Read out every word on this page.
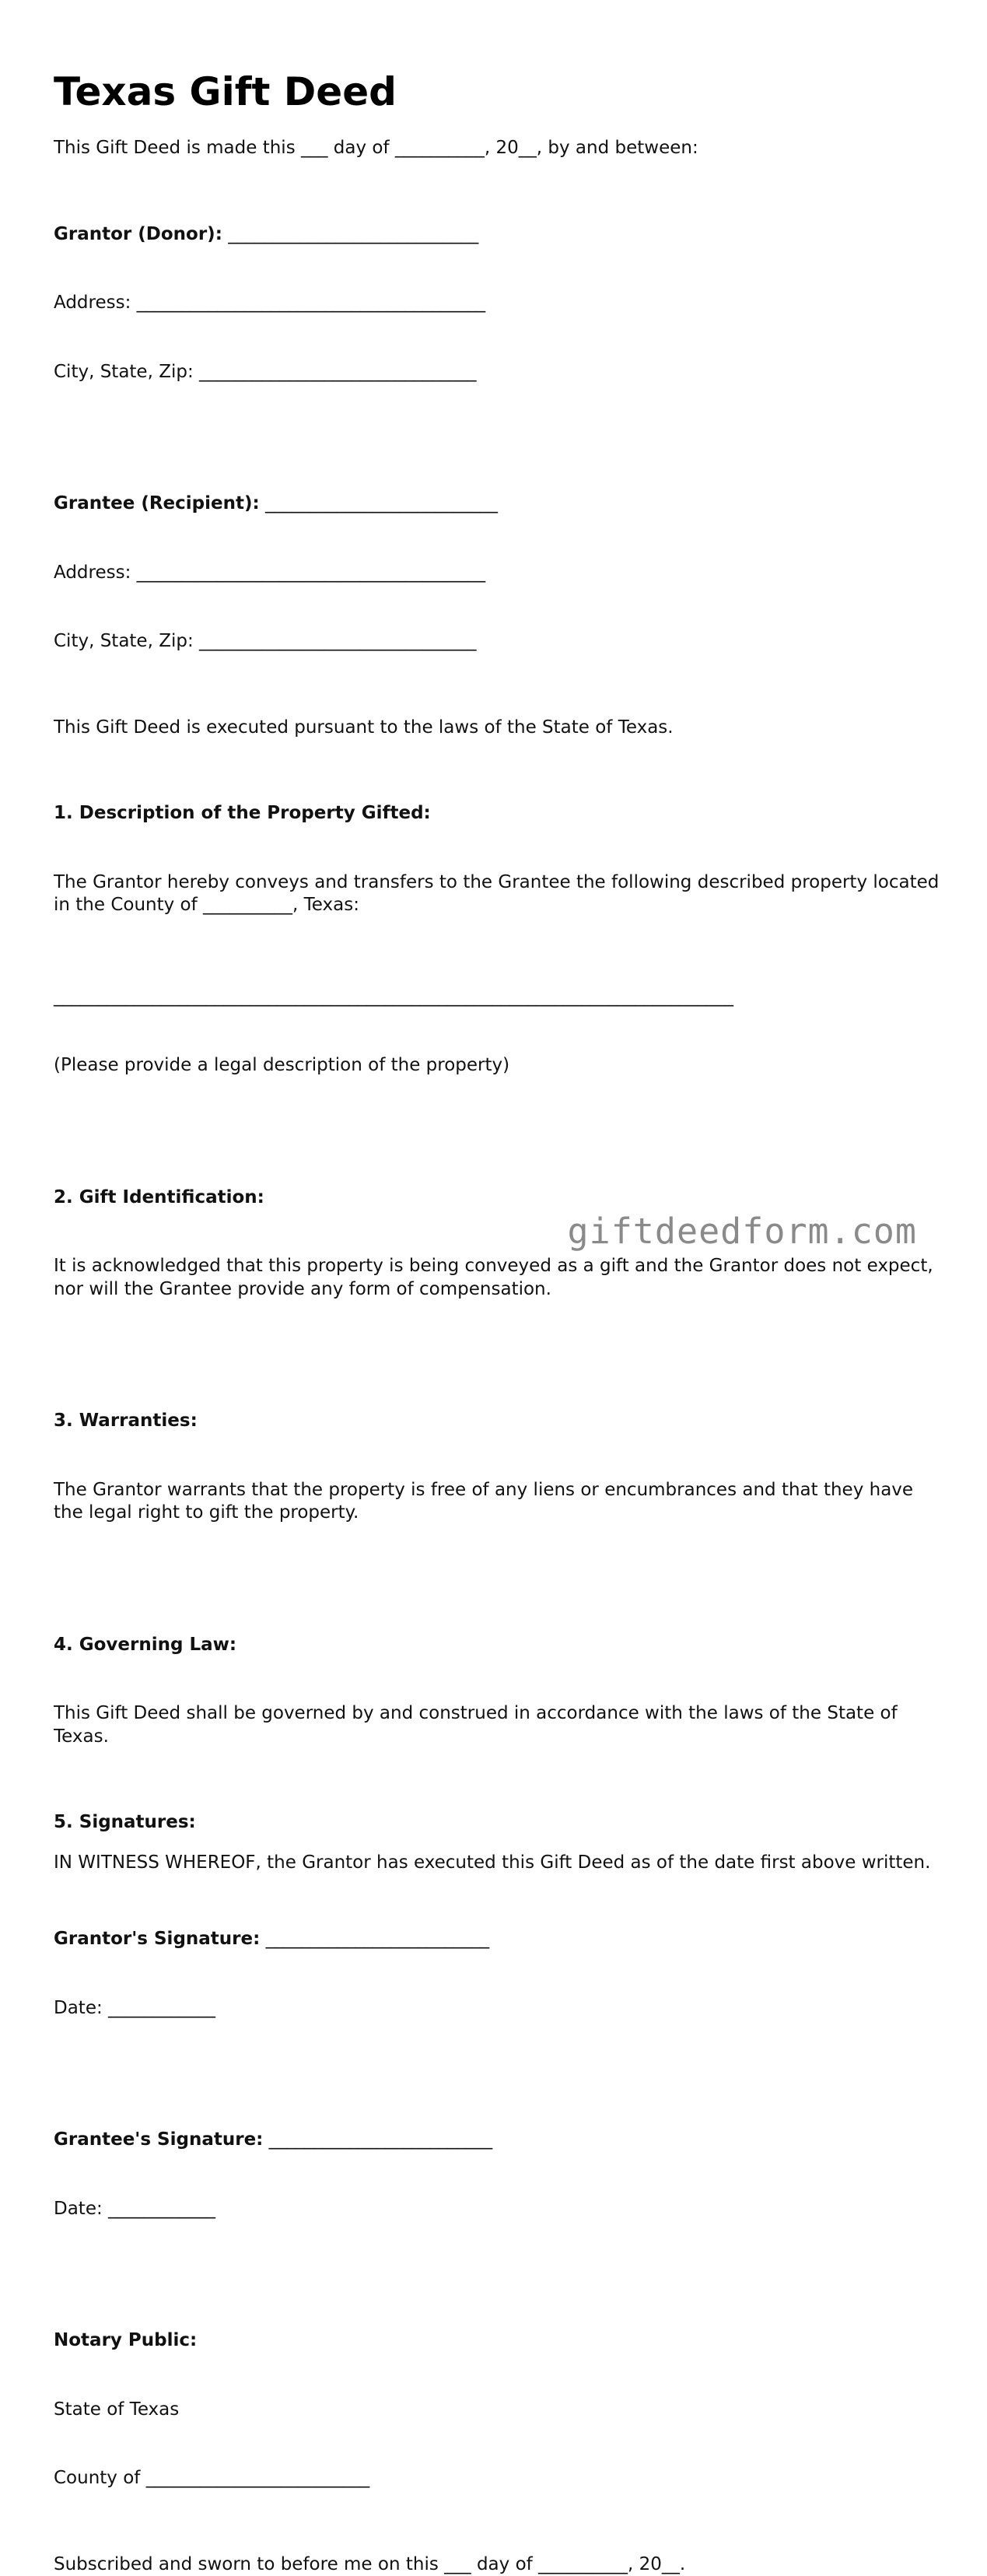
Texas Gift Deed

This Gift Deed is made this ___ day of __________, 20__, by and between:

Grantor (Donor): ____________________________

Address: _______________________________________

City, State, Zip: _______________________________

Grantee (Recipient): __________________________

Address: _______________________________________

City, State, Zip: _______________________________

This Gift Deed is executed pursuant to the laws of the State of Texas.

1. Description of the Property Gifted:

The Grantor hereby conveys and transfers to the Grantee the following described property located in the County of __________, Texas:

____________________________________________________________________________

(Please provide a legal description of the property)

2. Gift Identification:

It is acknowledged that this property is being conveyed as a gift and the Grantor does not expect, nor will the Grantee provide any form of compensation.

3. Warranties:

The Grantor warrants that the property is free of any liens or encumbrances and that they have the legal right to gift the property.

4. Governing Law:

This Gift Deed shall be governed by and construed in accordance with the laws of the State of Texas.

5. Signatures:

IN WITNESS WHEREOF, the Grantor has executed this Gift Deed as of the date first above written.

Grantor's Signature: _________________________

Date: ____________

Grantee's Signature: _________________________

Date: ____________

Notary Public:

State of Texas

County of _________________________

Subscribed and sworn to before me on this ___ day of __________, 20__.

giftdeedform.com
